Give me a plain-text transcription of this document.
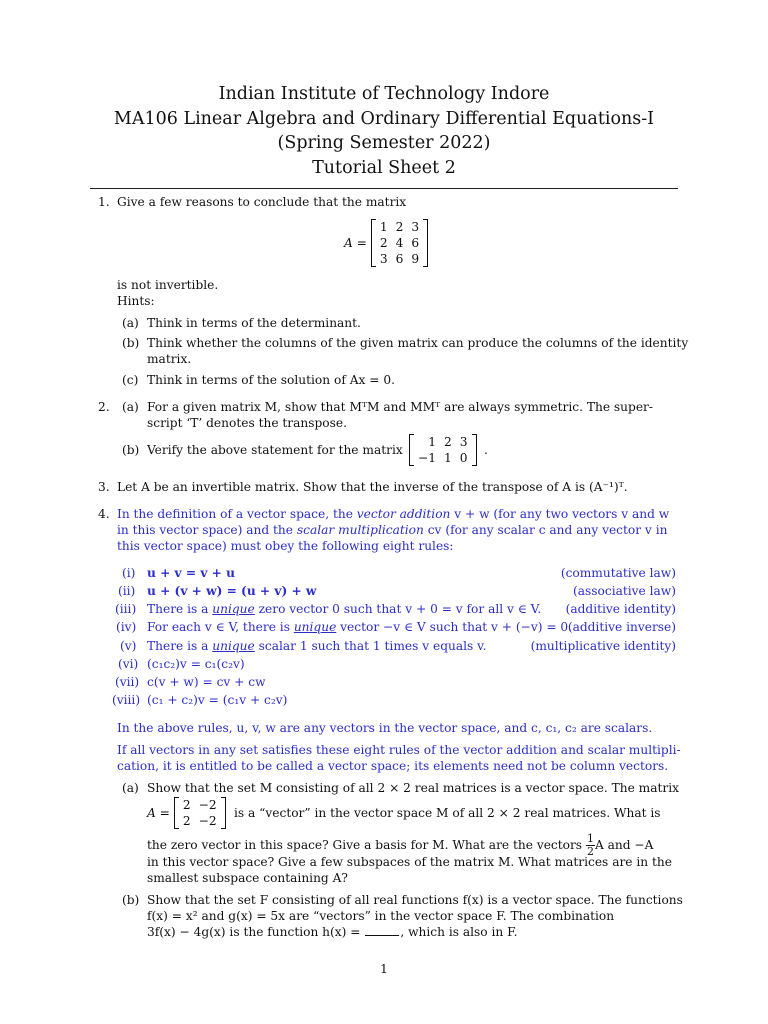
Indian Institute of Technology Indore
MA106 Linear Algebra and Ordinary Differential Equations-I
(Spring Semester 2022)
Tutorial Sheet 2
1. Give a few reasons to conclude that the matrix
A =
1	2	3
2	4	6
3	6	9
is not invertible.
Hints:
(a) Think in terms of the determinant.
(b) Think whether the columns of the given matrix can produce the columns of the identity
matrix.
(c) Think in terms of the solution of Ax = 0.
2. (a) For a given matrix M, show that MᵀM and MMᵀ are always symmetric. The super-
script ‘T’ denotes the transpose.
(b) Verify the above statement for the matrix
1	2	3
−1	1	0
.
3. Let A be an invertible matrix. Show that the inverse of the transpose of A is (A⁻¹)ᵀ.
4. In the definition of a vector space, the vector addition v + w (for any two vectors v and w
in this vector space) and the scalar multiplication cv (for any scalar c and any vector v in
this vector space) must obey the following eight rules:
(i) u + v = v + u	(commutative law)
(ii) u + (v + w) = (u + v) + w	(associative law)
(iii) There is a unique zero vector 0 such that v + 0 = v for all v ∈ V. (additive identity)
(iv) For each v ∈ V, there is unique vector −v ∈ V such that v + (−v) = 0.
(additive inverse)
(v) There is a unique scalar 1 such that 1 times v equals v.	(multiplicative identity)
(vi) (c₁c₂)v = c₁(c₂v)
(vii) c(v + w) = cv + cw
(viii) (c₁ + c₂)v = (c₁v + c₂v)
In the above rules, u, v, w are any vectors in the vector space, and c, c₁, c₂ are scalars.
If all vectors in any set satisfies these eight rules of the vector addition and scalar multipli-
cation, it is entitled to be called a vector space; its elements need not be column vectors.
(a) Show that the set M consisting of all 2 × 2 real matrices is a vector space. The matrix
A =
2	−2
2	−2
is a “vector” in the vector space M of all 2 × 2 real matrices. What is
the zero vector in this space? Give a basis for M. What are the vectors $\frac{1}{2}$ A and −A
in this vector space? Give a few subspaces of the matrix M. What matrices are in the
smallest subspace containing A?
(b) Show that the set F consisting of all real functions f(x) is a vector space. The functions
f(x) = x² and g(x) = 5x are “vectors” in the vector space F. The combination
3f(x) − 4g(x) is the function h(x) =	, which is also in F.
1
